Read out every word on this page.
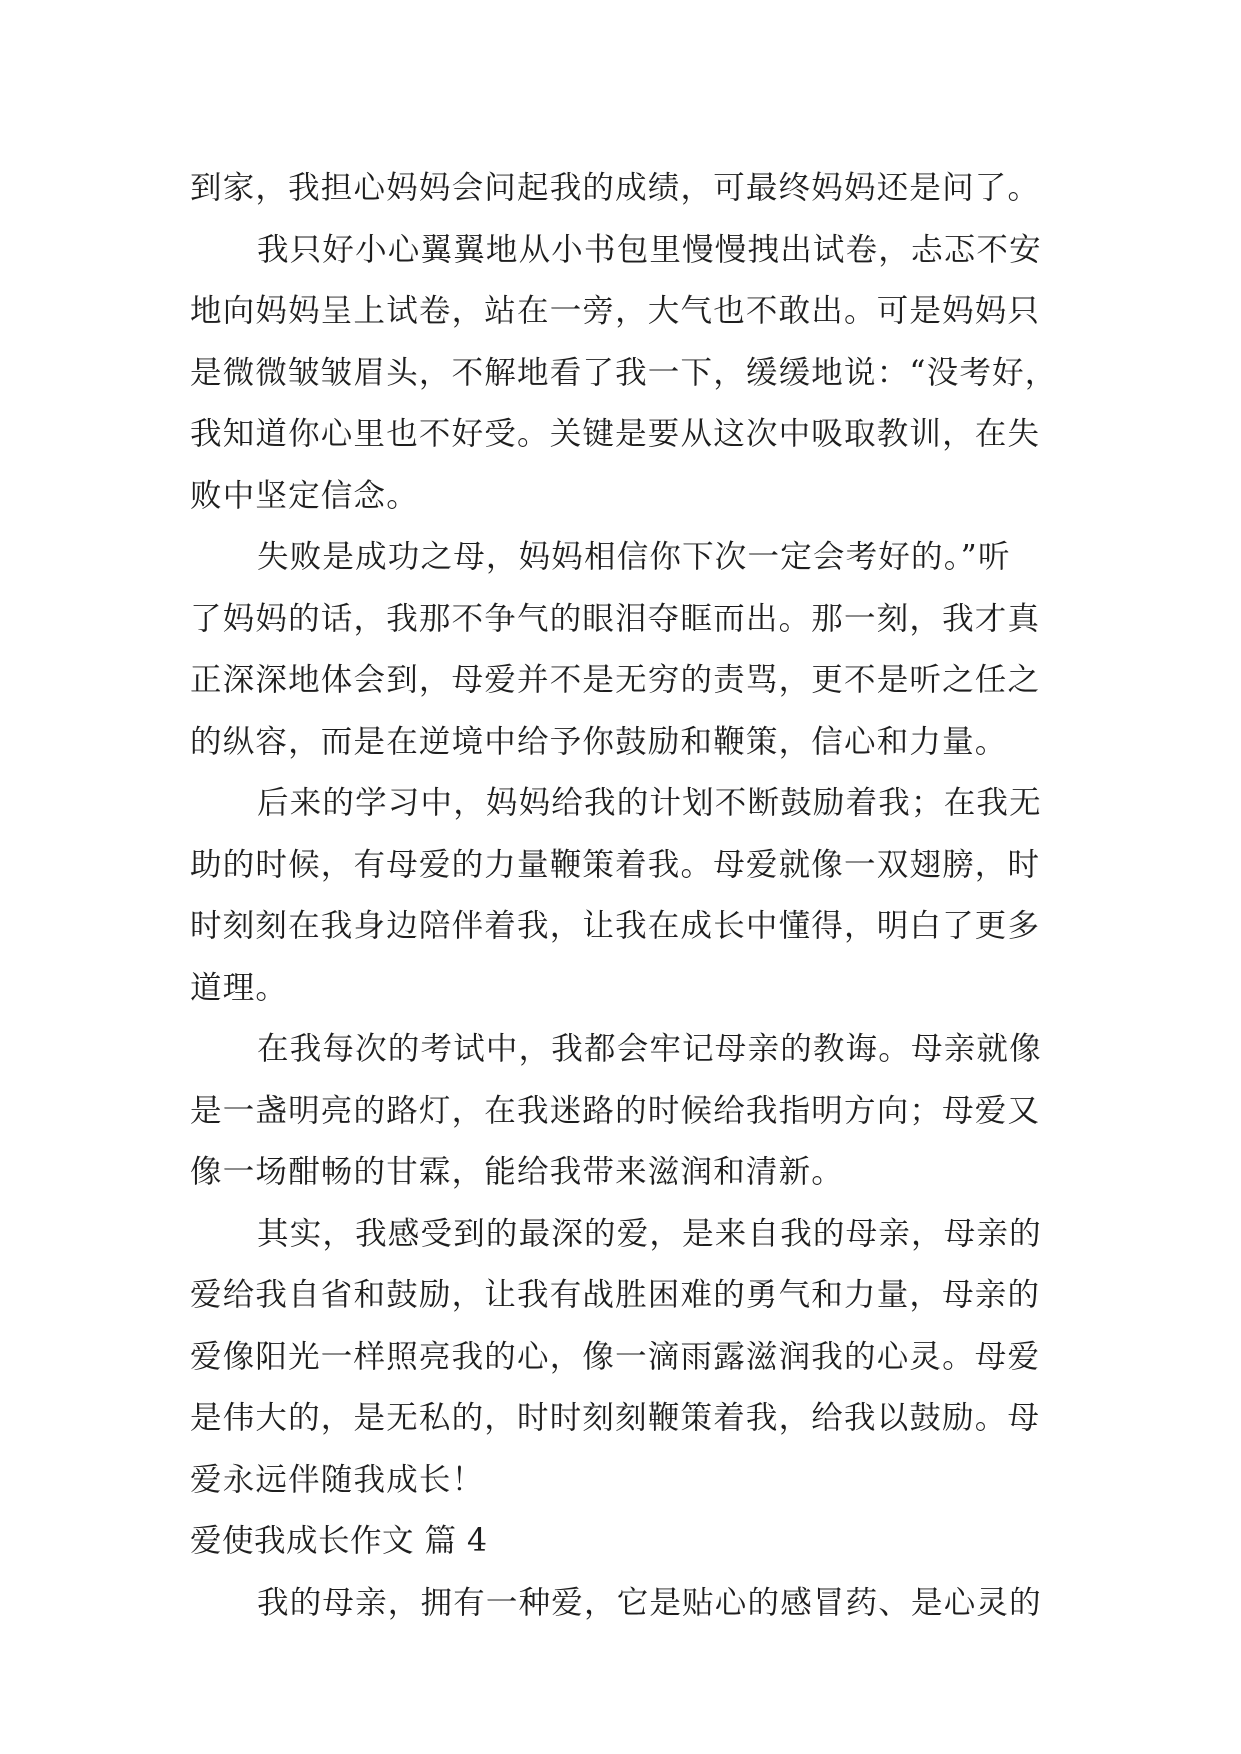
到家，我担心妈妈会问起我的成绩，可最终妈妈还是问了。
我只好小心翼翼地从小书包里慢慢拽出试卷，忐忑不安
地向妈妈呈上试卷，站在一旁，大气也不敢出。可是妈妈只
是微微皱皱眉头，不解地看了我一下，缓缓地说：“没考好，
我知道你心里也不好受。关键是要从这次中吸取教训，在失
败中坚定信念。
失败是成功之母，妈妈相信你下次一定会考好的。”听
了妈妈的话，我那不争气的眼泪夺眶而出。那一刻，我才真
正深深地体会到，母爱并不是无穷的责骂，更不是听之任之
的纵容，而是在逆境中给予你鼓励和鞭策，信心和力量。
后来的学习中，妈妈给我的计划不断鼓励着我；在我无
助的时候，有母爱的力量鞭策着我。母爱就像一双翅膀，时
时刻刻在我身边陪伴着我，让我在成长中懂得，明白了更多
道理。
在我每次的考试中，我都会牢记母亲的教诲。母亲就像
是一盏明亮的路灯，在我迷路的时候给我指明方向；母爱又
像一场酣畅的甘霖，能给我带来滋润和清新。
其实，我感受到的最深的爱，是来自我的母亲，母亲的
爱给我自省和鼓励，让我有战胜困难的勇气和力量，母亲的
爱像阳光一样照亮我的心，像一滴雨露滋润我的心灵。母爱
是伟大的，是无私的，时时刻刻鞭策着我，给我以鼓励。母
爱永远伴随我成长！
爱使我成长作文 篇 4
我的母亲，拥有一种爱，它是贴心的感冒药、是心灵的
